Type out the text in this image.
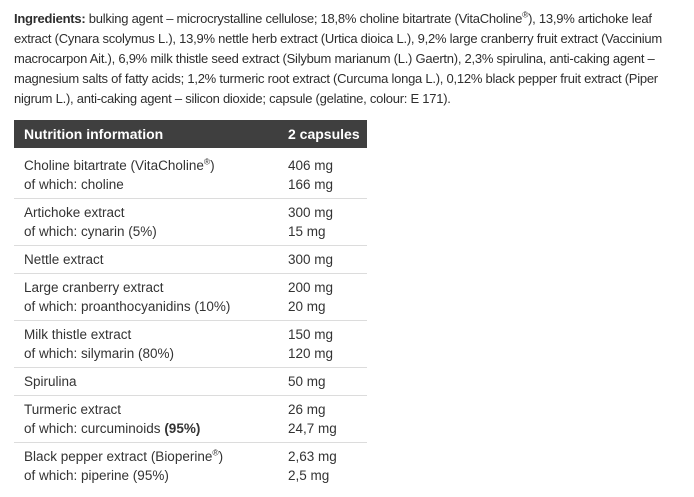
Ingredients: bulking agent – microcrystalline cellulose; 18,8% choline bitartrate (VitaCholine®), 13,9% artichoke leaf extract (Cynara scolymus L.), 13,9% nettle herb extract (Urtica dioica L.), 9,2% large cranberry fruit extract (Vaccinium macrocarpon Ait.), 6,9% milk thistle seed extract (Silybum marianum (L.) Gaertn), 2,3% spirulina, anti-caking agent – magnesium salts of fatty acids; 1,2% turmeric root extract (Curcuma longa L.), 0,12% black pepper fruit extract (Piper nigrum L.), anti-caking agent – silicon dioxide; capsule (gelatine, colour: E 171).

Nutrition information	2 capsules
Choline bitartrate (VitaCholine®)	406 mg
of which: choline	166 mg
Artichoke extract	300 mg
of which: cynarin (5%)	15 mg
Nettle extract	300 mg
Large cranberry extract	200 mg
of which: proanthocyanidins (10%)	20 mg
Milk thistle extract	150 mg
of which: silymarin (80%)	120 mg
Spirulina	50 mg
Turmeric extract	26 mg
of which: curcuminoids (95%)	24,7 mg
Black pepper extract (Bioperine®)	2,63 mg
of which: piperine (95%)	2,5 mg
